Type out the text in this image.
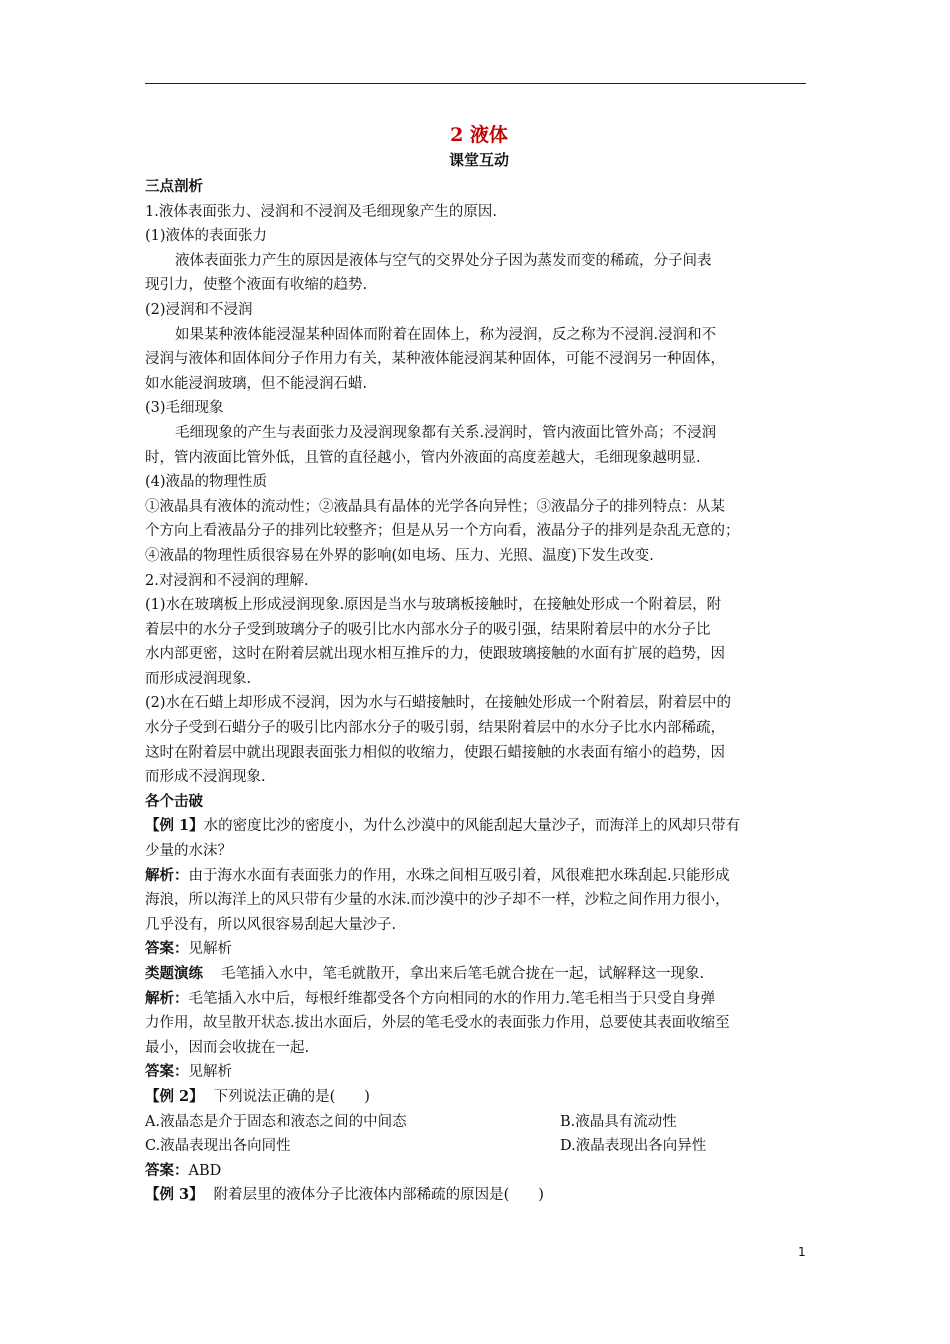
2 液体

课堂互动

三点剖析

1.液体表面张力、浸润和不浸润及毛细现象产生的原因.

(1)液体的表面张力

液体表面张力产生的原因是液体与空气的交界处分子因为蒸发而变的稀疏，分子间表

现引力，使整个液面有收缩的趋势.

(2)浸润和不浸润

如果某种液体能浸湿某种固体而附着在固体上，称为浸润，反之称为不浸润.浸润和不

浸润与液体和固体间分子作用力有关，某种液体能浸润某种固体，可能不浸润另一种固体，

如水能浸润玻璃，但不能浸润石蜡.

(3)毛细现象

毛细现象的产生与表面张力及浸润现象都有关系.浸润时，管内液面比管外高；不浸润

时，管内液面比管外低，且管的直径越小，管内外液面的高度差越大，毛细现象越明显.

(4)液晶的物理性质

①液晶具有液体的流动性；②液晶具有晶体的光学各向异性；③液晶分子的排列特点：从某

个方向上看液晶分子的排列比较整齐；但是从另一个方向看，液晶分子的排列是杂乱无意的；

④液晶的物理性质很容易在外界的影响(如电场、压力、光照、温度)下发生改变.

2.对浸润和不浸润的理解.

(1)水在玻璃板上形成浸润现象.原因是当水与玻璃板接触时，在接触处形成一个附着层，附

着层中的水分子受到玻璃分子的吸引比水内部水分子的吸引强，结果附着层中的水分子比

水内部更密，这时在附着层就出现水相互推斥的力，使跟玻璃接触的水面有扩展的趋势，因

而形成浸润现象.

(2)水在石蜡上却形成不浸润，因为水与石蜡接触时，在接触处形成一个附着层，附着层中的

水分子受到石蜡分子的吸引比内部水分子的吸引弱，结果附着层中的水分子比水内部稀疏，

这时在附着层中就出现跟表面张力相似的收缩力，使跟石蜡接触的水表面有缩小的趋势，因

而形成不浸润现象.

各个击破

【例 1】水的密度比沙的密度小，为什么沙漠中的风能刮起大量沙子，而海洋上的风却只带有

少量的水沫？

解析：由于海水水面有表面张力的作用，水珠之间相互吸引着，风很难把水珠刮起.只能形成

海浪，所以海洋上的风只带有少量的水沫.而沙漠中的沙子却不一样，沙粒之间作用力很小，

几乎没有，所以风很容易刮起大量沙子.

答案：见解析

类题演练 毛笔插入水中，笔毛就散开，拿出来后笔毛就合拢在一起，试解释这一现象.

解析：毛笔插入水中后，每根纤维都受各个方向相同的水的作用力.笔毛相当于只受自身弹

力作用，故呈散开状态.拔出水面后，外层的笔毛受水的表面张力作用，总要使其表面收缩至

最小，因而会收拢在一起.

答案：见解析

【例 2】 下列说法正确的是(　　)

A.液晶态是介于固态和液态之间的中间态	B.液晶具有流动性
C.液晶表现出各向同性	D.液晶表现出各向异性

答案：ABD

【例 3】 附着层里的液体分子比液体内部稀疏的原因是(　　)

1
